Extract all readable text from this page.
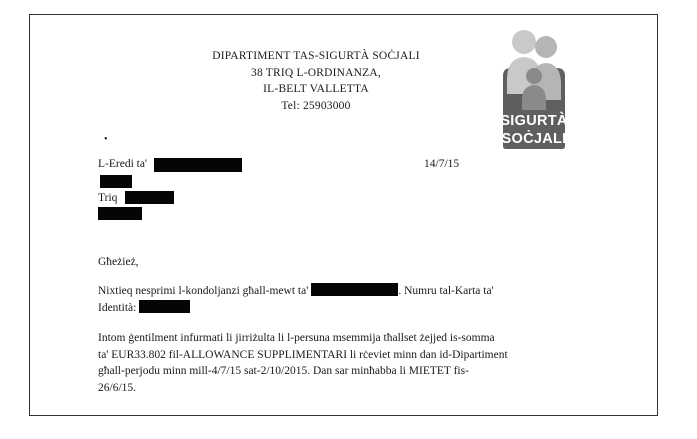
DIPARTIMENT TAS-SIGURTÀ SOĊJALI
38 TRIQ L-ORDINANZA,
IL-BELT VALLETTA
Tel: 25903000
SIGURTÀ
SOĊJALI
•
L-Eredi ta'	14/7/15
Triq
Għeżież,
Nixtieq nesprimi l-kondoljanzi għall-mewt ta'	. Numru tal-Karta ta'
Identità:
Intom ġentilment infurmati li jirriżulta li l-persuna msemmija tħallset żejjed is-somma
ta' EUR33.802 fil-ALLOWANCE SUPPLIMENTARI li rċeviet minn dan id-Dipartiment
għall-perjodu minn mill-4/7/15 sat-2/10/2015. Dan sar minħabba li MIETET fis-
26/6/15.
